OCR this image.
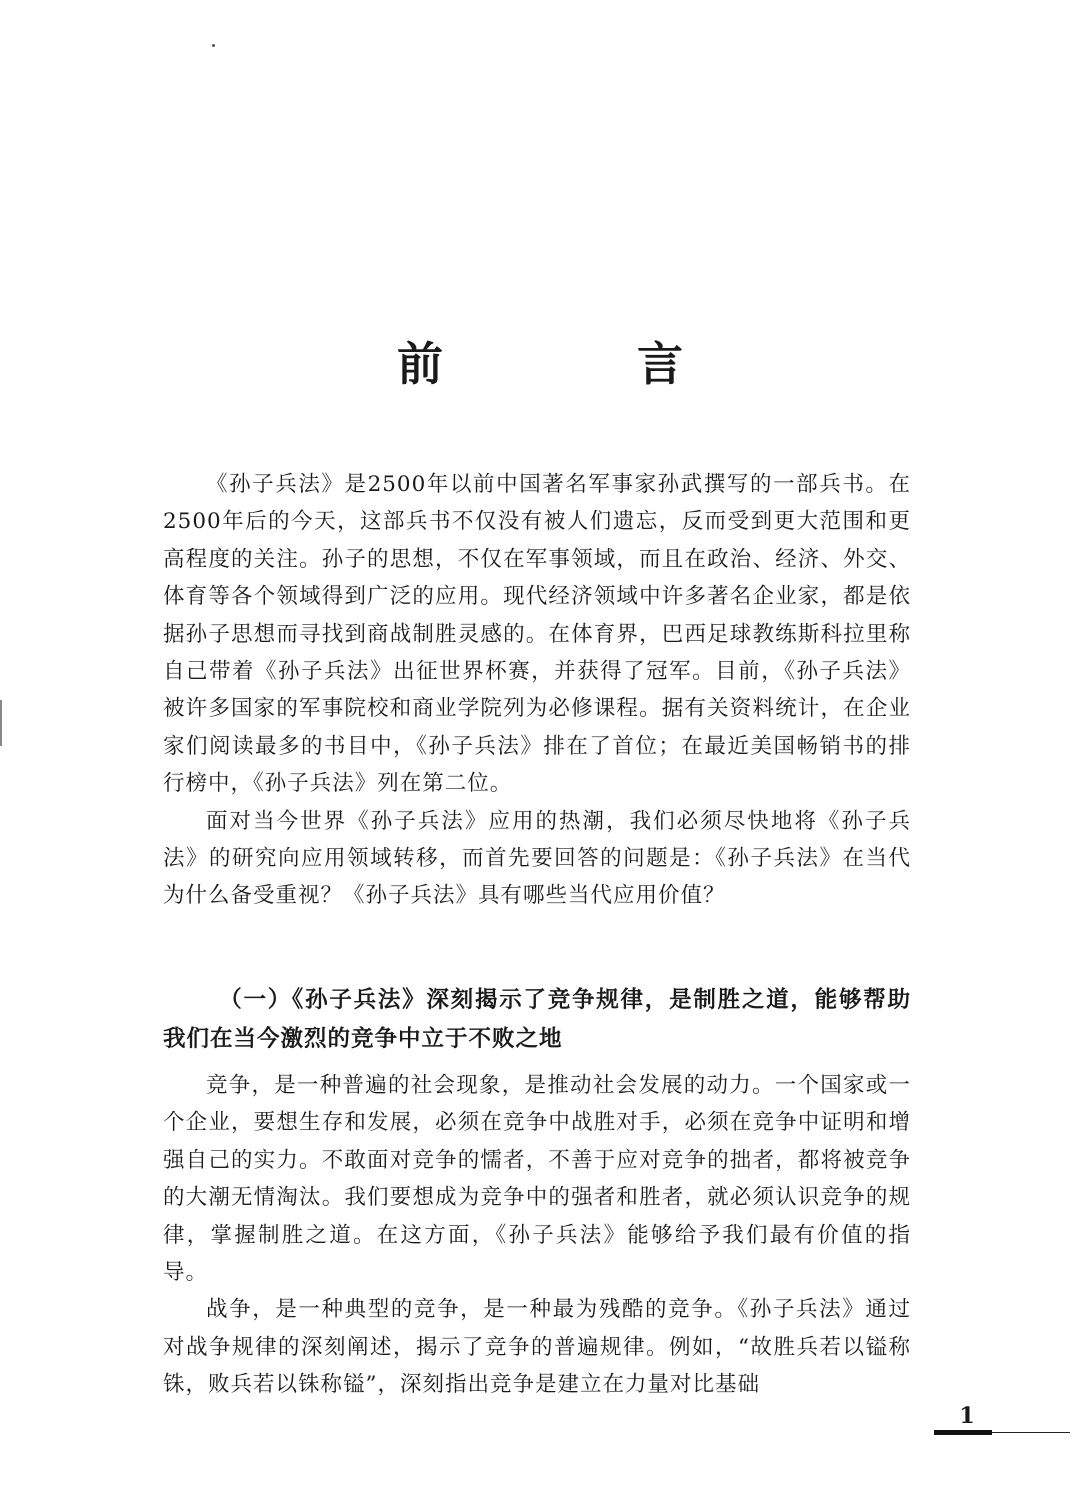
前　言

《孙子兵法》是2500年以前中国著名军事家孙武撰写的一部兵书。在2500年后的今天，这部兵书不仅没有被人们遗忘，反而受到更大范围和更高程度的关注。孙子的思想，不仅在军事领域，而且在政治、经济、外交、体育等各个领域得到广泛的应用。现代经济领域中许多著名企业家，都是依据孙子思想而寻找到商战制胜灵感的。在体育界，巴西足球教练斯科拉里称自己带着《孙子兵法》出征世界杯赛，并获得了冠军。目前，《孙子兵法》被许多国家的军事院校和商业学院列为必修课程。据有关资料统计，在企业家们阅读最多的书目中，《孙子兵法》排在了首位；在最近美国畅销书的排行榜中，《孙子兵法》列在第二位。

面对当今世界《孙子兵法》应用的热潮，我们必须尽快地将《孙子兵法》的研究向应用领域转移，而首先要回答的问题是：《孙子兵法》在当代为什么备受重视？《孙子兵法》具有哪些当代应用价值？

（一）《孙子兵法》深刻揭示了竞争规律，是制胜之道，能够帮助我们在当今激烈的竞争中立于不败之地

竞争，是一种普遍的社会现象，是推动社会发展的动力。一个国家或一个企业，要想生存和发展，必须在竞争中战胜对手，必须在竞争中证明和增强自己的实力。不敢面对竞争的懦者，不善于应对竞争的拙者，都将被竞争的大潮无情淘汰。我们要想成为竞争中的强者和胜者，就必须认识竞争的规律，掌握制胜之道。在这方面，《孙子兵法》能够给予我们最有价值的指导。

战争，是一种典型的竞争，是一种最为残酷的竞争。《孙子兵法》通过对战争规律的深刻阐述，揭示了竞争的普遍规律。例如，“故胜兵若以镒称铢，败兵若以铢称镒”，深刻指出竞争是建立在力量对比基础

1
